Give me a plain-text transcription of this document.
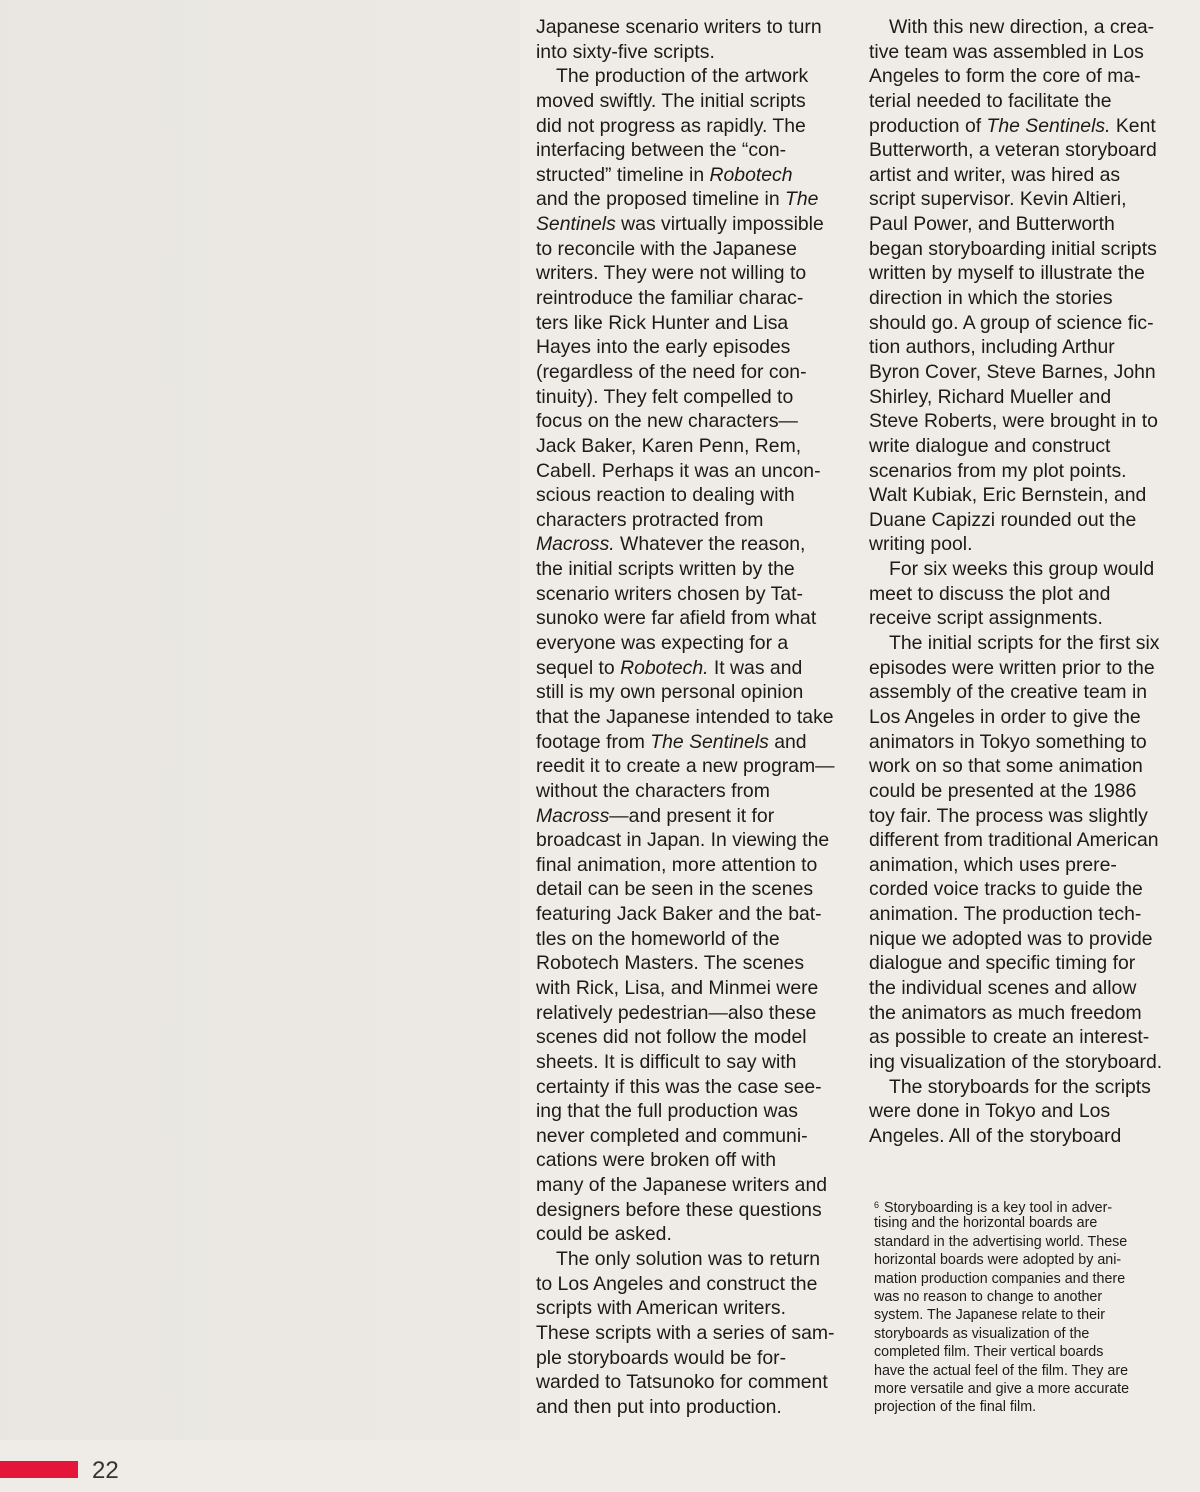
Japanese scenario writers to turn
into sixty-five scripts.
The production of the artwork
moved swiftly. The initial scripts
did not progress as rapidly. The
interfacing between the “con-
structed” timeline in Robotech
and the proposed timeline in The
Sentinels was virtually impossible
to reconcile with the Japanese
writers. They were not willing to
reintroduce the familiar charac-
ters like Rick Hunter and Lisa
Hayes into the early episodes
(regardless of the need for con-
tinuity). They felt compelled to
focus on the new characters—
Jack Baker, Karen Penn, Rem,
Cabell. Perhaps it was an uncon-
scious reaction to dealing with
characters protracted from
Macross. Whatever the reason,
the initial scripts written by the
scenario writers chosen by Tat-
sunoko were far afield from what
everyone was expecting for a
sequel to Robotech. It was and
still is my own personal opinion
that the Japanese intended to take
footage from The Sentinels and
reedit it to create a new program—
without the characters from
Macross—and present it for
broadcast in Japan. In viewing the
final animation, more attention to
detail can be seen in the scenes
featuring Jack Baker and the bat-
tles on the homeworld of the
Robotech Masters. The scenes
with Rick, Lisa, and Minmei were
relatively pedestrian—also these
scenes did not follow the model
sheets. It is difficult to say with
certainty if this was the case see-
ing that the full production was
never completed and communi-
cations were broken off with
many of the Japanese writers and
designers before these questions
could be asked.
The only solution was to return
to Los Angeles and construct the
scripts with American writers.
These scripts with a series of sam-
ple storyboards would be for-
warded to Tatsunoko for comment
and then put into production.
With this new direction, a crea-
tive team was assembled in Los
Angeles to form the core of ma-
terial needed to facilitate the
production of The Sentinels. Kent
Butterworth, a veteran storyboard
artist and writer, was hired as
script supervisor. Kevin Altieri,
Paul Power, and Butterworth
began storyboarding initial scripts
written by myself to illustrate the
direction in which the stories
should go. A group of science fic-
tion authors, including Arthur
Byron Cover, Steve Barnes, John
Shirley, Richard Mueller and
Steve Roberts, were brought in to
write dialogue and construct
scenarios from my plot points.
Walt Kubiak, Eric Bernstein, and
Duane Capizzi rounded out the
writing pool.
For six weeks this group would
meet to discuss the plot and
receive script assignments.
The initial scripts for the first six
episodes were written prior to the
assembly of the creative team in
Los Angeles in order to give the
animators in Tokyo something to
work on so that some animation
could be presented at the 1986
toy fair. The process was slightly
different from traditional American
animation, which uses prere-
corded voice tracks to guide the
animation. The production tech-
nique we adopted was to provide
dialogue and specific timing for
the individual scenes and allow
the animators as much freedom
as possible to create an interest-
ing visualization of the storyboard.
The storyboards for the scripts
were done in Tokyo and Los
Angeles. All of the storyboard
$^6$ Storyboarding is a key tool in adver-
tising and the horizontal boards are
standard in the advertising world. These
horizontal boards were adopted by ani-
mation production companies and there
was no reason to change to another
system. The Japanese relate to their
storyboards as visualization of the
completed film. Their vertical boards
have the actual feel of the film. They are
more versatile and give a more accurate
projection of the final film.
22
